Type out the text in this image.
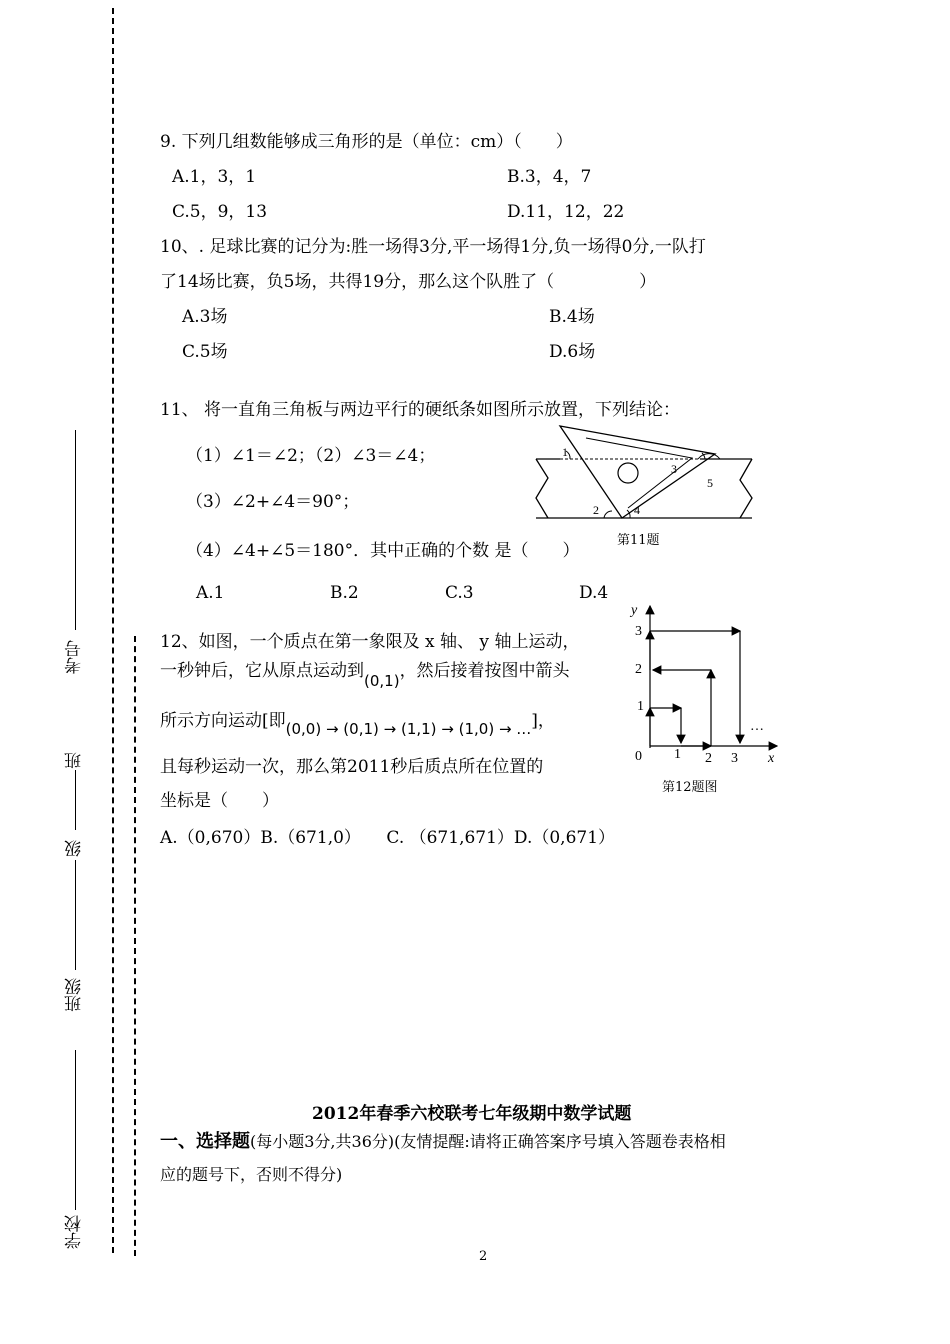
考号
班
级
班级
学校
9. 下列几组数能够成三角形的是（单位：cm）（　　）
A.1，3，1	B.3，4，7
C.5，9，13	D.11，12，22
10、. 足球比赛的记分为:胜一场得3分,平一场得1分,负一场得0分,一队打
了14场比赛，负5场，共得19分，那么这个队胜了（　　　　　）
A.3场	B.4场
C.5场	D.6场
11、 将一直角三角板与两边平行的硬纸条如图所示放置，下列结论：
（1）∠1＝∠2；（2）∠3＝∠4；
（3）∠2+∠4＝90°；
（4）∠4+∠5＝180°．其中正确的个数 是（　　）
A.1	B.2	C.3	D.4
1
2
3
4
5
第11题
12、如图，一个质点在第一象限及 x 轴、 y 轴上运动，
一秒钟后，它从原点运动到(0,1)，然后接着按图中箭头
所示方向运动[即(0,0) → (0,1) → (1,1) → (1,0) → …]，
且每秒运动一次，那么第2011秒后质点所在位置的
坐标是（　　）
A.（0,670）B.（671,0）　　C. （671,671）D.（0,671）
y
x
0 1 2 3
1
2
3
…
第12题图
2012年春季六校联考七年级期中数学试题
一、选择题(每小题3分,共36分)(友情提醒:请将正确答案序号填入答题卷表格相
应的题号下，否则不得分)
2
